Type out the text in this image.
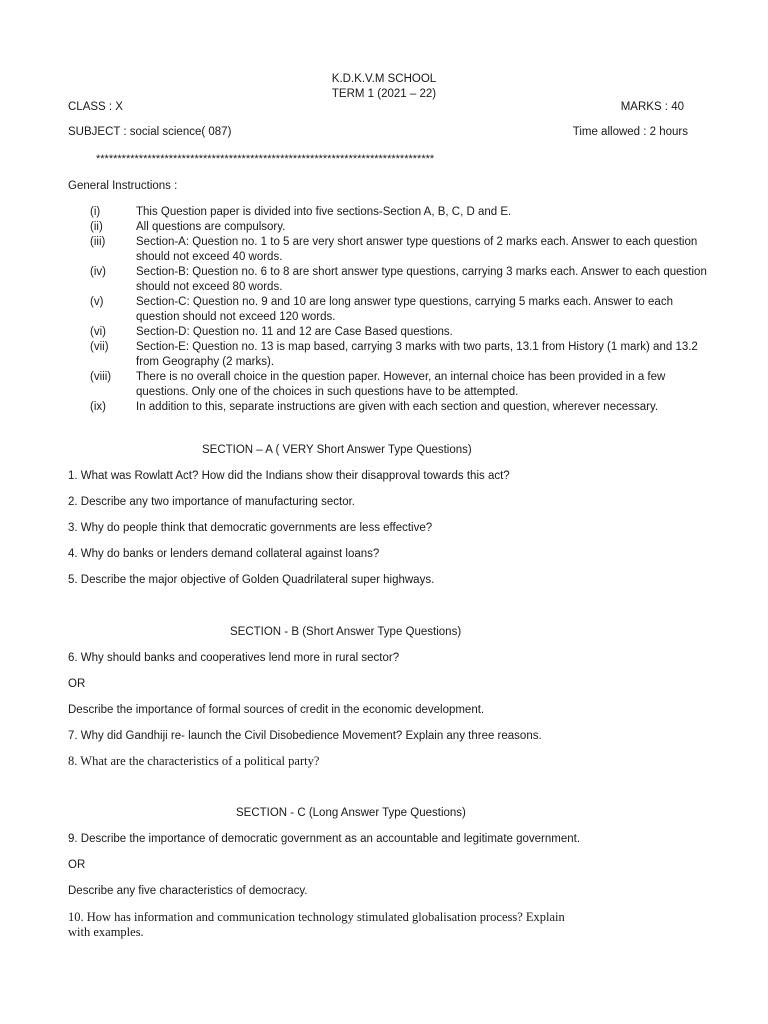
K.D.K.V.M SCHOOL
TERM 1 (2021 – 22)
CLASS : X	MARKS : 40
SUBJECT : social science( 087)	Time allowed : 2 hours
*******************************************************************************
General Instructions :
(i)	This Question paper is divided into five sections-Section A, B, C, D and E.
(ii)	All questions are compulsory.
(iii)	Section-A: Question no. 1 to 5 are very short answer type questions of 2 marks each. Answer to each question should not exceed 40 words.
(iv)	Section-B: Question no. 6 to 8 are short answer type questions, carrying 3 marks each. Answer to each question should not exceed 80 words.
(v)	Section-C: Question no. 9 and 10 are long answer type questions, carrying 5 marks each. Answer to each question should not exceed 120 words.
(vi)	Section-D: Question no. 11 and 12 are Case Based questions.
(vii)	Section-E: Question no. 13 is map based, carrying 3 marks with two parts, 13.1 from History (1 mark) and 13.2 from Geography (2 marks).
(viii)	There is no overall choice in the question paper. However, an internal choice has been provided in a few questions. Only one of the choices in such questions have to be attempted.
(ix)	In addition to this, separate instructions are given with each section and question, wherever necessary.
SECTION – A ( VERY Short Answer Type Questions)
1. What was Rowlatt Act? How did the Indians show their disapproval towards this act?
2. Describe any two importance of manufacturing sector.
3. Why do people think that democratic governments are less effective?
4. Why do banks or lenders demand collateral against loans?
5. Describe the major objective of Golden Quadrilateral super highways.
SECTION - B (Short Answer Type Questions)
6. Why should banks and cooperatives lend more in rural sector?
OR
Describe the importance of formal sources of credit in the economic development.
7. Why did Gandhiji re- launch the Civil Disobedience Movement? Explain any three reasons.
8. What are the characteristics of a political party?
SECTION - C (Long Answer Type Questions)
9. Describe the importance of democratic government as an accountable and legitimate government.
OR
Describe any five characteristics of democracy.
10. How has information and communication technology stimulated globalisation process? Explain
with examples.
